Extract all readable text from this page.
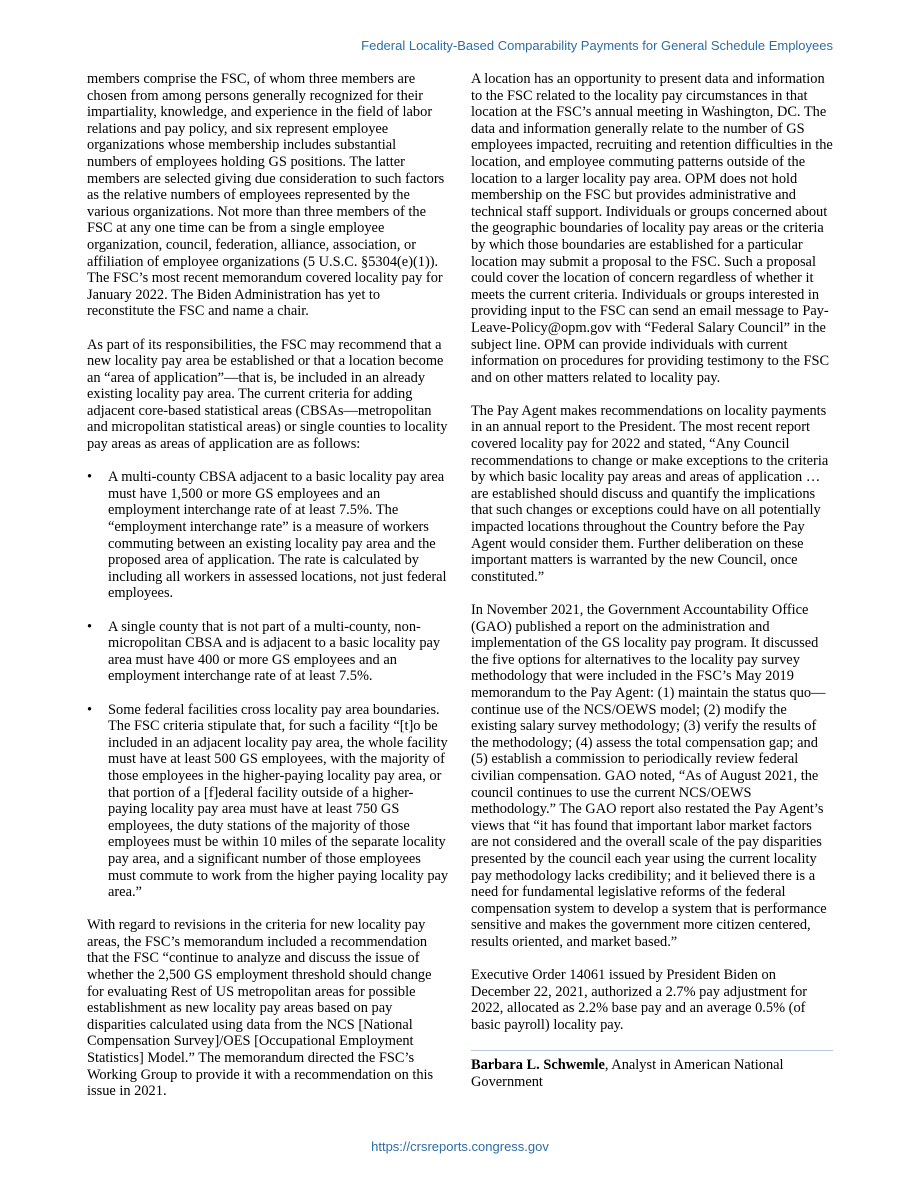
Federal Locality-Based Comparability Payments for General Schedule Employees

members comprise the FSC, of whom three members are chosen from among persons generally recognized for their impartiality, knowledge, and experience in the field of labor relations and pay policy, and six represent employee organizations whose membership includes substantial numbers of employees holding GS positions. The latter members are selected giving due consideration to such factors as the relative numbers of employees represented by the various organizations. Not more than three members of the FSC at any one time can be from a single employee organization, council, federation, alliance, association, or affiliation of employee organizations (5 U.S.C. §5304(e)(1)). The FSC’s most recent memorandum covered locality pay for January 2022. The Biden Administration has yet to reconstitute the FSC and name a chair.

As part of its responsibilities, the FSC may recommend that a new locality pay area be established or that a location become an “area of application”—that is, be included in an already existing locality pay area. The current criteria for adding adjacent core-based statistical areas (CBSAs—metropolitan and micropolitan statistical areas) or single counties to locality pay areas as areas of application are as follows:

• A multi-county CBSA adjacent to a basic locality pay area must have 1,500 or more GS employees and an employment interchange rate of at least 7.5%. The “employment interchange rate” is a measure of workers commuting between an existing locality pay area and the proposed area of application. The rate is calculated by including all workers in assessed locations, not just federal employees.
• A single county that is not part of a multi-county, non-micropolitan CBSA and is adjacent to a basic locality pay area must have 400 or more GS employees and an employment interchange rate of at least 7.5%.
• Some federal facilities cross locality pay area boundaries. The FSC criteria stipulate that, for such a facility “[t]o be included in an adjacent locality pay area, the whole facility must have at least 500 GS employees, with the majority of those employees in the higher-paying locality pay area, or that portion of a [f]ederal facility outside of a higher-paying locality pay area must have at least 750 GS employees, the duty stations of the majority of those employees must be within 10 miles of the separate locality pay area, and a significant number of those employees must commute to work from the higher paying locality pay area.”

With regard to revisions in the criteria for new locality pay areas, the FSC’s memorandum included a recommendation that the FSC “continue to analyze and discuss the issue of whether the 2,500 GS employment threshold should change for evaluating Rest of US metropolitan areas for possible establishment as new locality pay areas based on pay disparities calculated using data from the NCS [National Compensation Survey]/OES [Occupational Employment Statistics] Model.” The memorandum directed the FSC’s Working Group to provide it with a recommendation on this issue in 2021.

A location has an opportunity to present data and information to the FSC related to the locality pay circumstances in that location at the FSC’s annual meeting in Washington, DC. The data and information generally relate to the number of GS employees impacted, recruiting and retention difficulties in the location, and employee commuting patterns outside of the location to a larger locality pay area. OPM does not hold membership on the FSC but provides administrative and technical staff support. Individuals or groups concerned about the geographic boundaries of locality pay areas or the criteria by which those boundaries are established for a particular location may submit a proposal to the FSC. Such a proposal could cover the location of concern regardless of whether it meets the current criteria. Individuals or groups interested in providing input to the FSC can send an email message to Pay-Leave-Policy@opm.gov with “Federal Salary Council” in the subject line. OPM can provide individuals with current information on procedures for providing testimony to the FSC and on other matters related to locality pay.

The Pay Agent makes recommendations on locality payments in an annual report to the President. The most recent report covered locality pay for 2022 and stated, “Any Council recommendations to change or make exceptions to the criteria by which basic locality pay areas and areas of application … are established should discuss and quantify the implications that such changes or exceptions could have on all potentially impacted locations throughout the Country before the Pay Agent would consider them. Further deliberation on these important matters is warranted by the new Council, once constituted.”

In November 2021, the Government Accountability Office (GAO) published a report on the administration and implementation of the GS locality pay program. It discussed the five options for alternatives to the locality pay survey methodology that were included in the FSC’s May 2019 memorandum to the Pay Agent: (1) maintain the status quo—continue use of the NCS/OEWS model; (2) modify the existing salary survey methodology; (3) verify the results of the methodology; (4) assess the total compensation gap; and (5) establish a commission to periodically review federal civilian compensation. GAO noted, “As of August 2021, the council continues to use the current NCS/OEWS methodology.” The GAO report also restated the Pay Agent’s views that “it has found that important labor market factors are not considered and the overall scale of the pay disparities presented by the council each year using the current locality pay methodology lacks credibility; and it believed there is a need for fundamental legislative reforms of the federal compensation system to develop a system that is performance sensitive and makes the government more citizen centered, results oriented, and market based.”

Executive Order 14061 issued by President Biden on December 22, 2021, authorized a 2.7% pay adjustment for 2022, allocated as 2.2% base pay and an average 0.5% (of basic payroll) locality pay.

Barbara L. Schwemle, Analyst in American National Government
https://crsreports.congress.gov
